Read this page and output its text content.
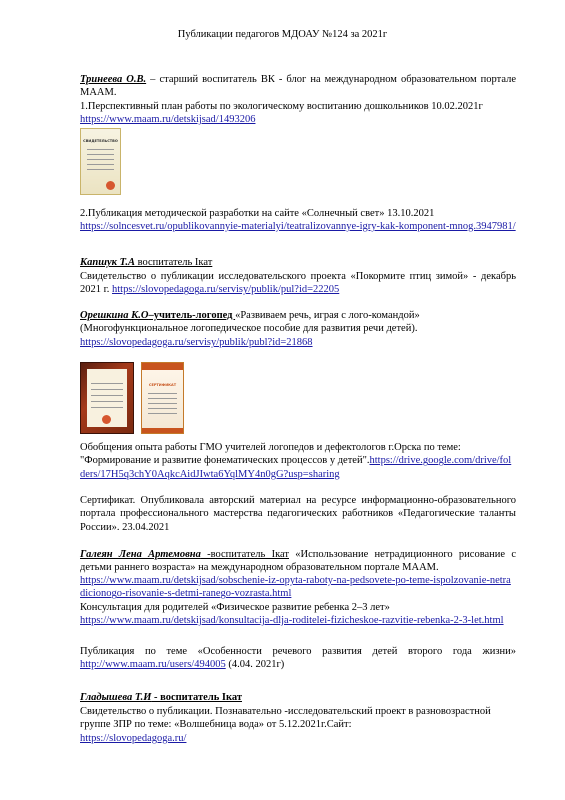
Публикации педагогов МДОАУ №124 за 2021г
Тринеева О.В. – старший воспитатель ВК - блог на международном образовательном портале МААМ.
1.Перспективный план работы по экологическому воспитанию дошкольников 10.02.2021г
https://www.maam.ru/detskijsad/1493206
СВИДЕТЕЛЬСТВО
2.Публикация методической разработки на сайте «Солнечный свет» 13.10.2021
https://solncesvet.ru/opublikovannyie-materialyi/teatralizovannye-igry-kak-komponent-mnog.3947981/
Капшук Т.А воспитатель Ікат
Свидетельство о публикации исследовательского проекта «Покормите птиц зимой» - декабрь 2021 г. https://slovopedagoga.ru/servisy/publik/pul?id=22205
Орешкина К.О–учитель-логопед «Развиваем речь, играя с лого-командой» (Многофункциональное логопедическое пособие для развития речи детей).
https://slovopedagoga.ru/servisy/publik/publ?id=21868
СЕРТИФИКАТ
Обобщения опыта работы ГМО учителей логопедов и дефектологов г.Орска по теме: "Формирование и развитие фонематических процессов у детей".https://drive.google.com/drive/folders/17H5q3chY0AqkcAidJIwta6YqlMY4n0gG?usp=sharing
Сертификат. Опубликовала авторский материал на ресурсе информационно-образовательного портала профессионального мастерства педагогических работников «Педагогические таланты России». 23.04.2021
Галеян Лена Артемовна -воспитатель Ікат «Использование нетрадиционного рисование с детьми раннего возраста» на международном образовательном портале МААМ.
https://www.maam.ru/detskijsad/sobschenie-iz-opyta-raboty-na-pedsovete-po-teme-ispolzovanie-netradicionogo-risovanie-s-detmi-ranego-vozrasta.html
Консультация для родителей «Физическое развитие ребенка 2–3 лет»
https://www.maam.ru/detskijsad/konsultacija-dlja-roditelei-fizicheskoe-razvitie-rebenka-2-3-let.html
Публикация по теме «Особенности речевого развития детей второго года жизни» http://www.maam.ru/users/494005 (4.04. 2021г)
Гладышева Т.И - воспитатель Ікат
Свидетельство о публикации. Познавательно -исследовательский проект в разновозрастной группе ЗПР по теме: «Волшебница вода» от 5.12.2021г.Сайт:
https://slovopedagoga.ru/
